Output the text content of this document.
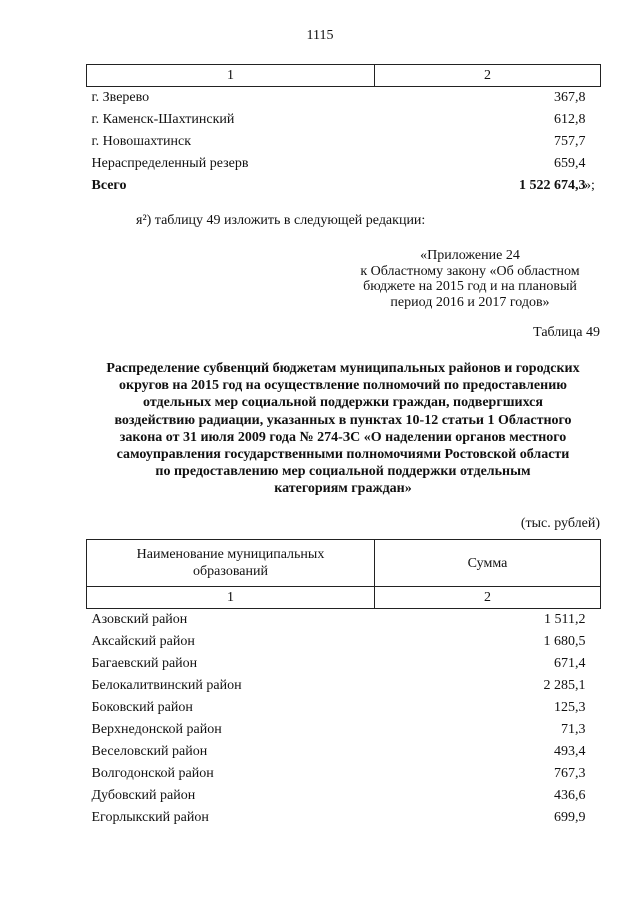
1115
1	2
г. Зверево	367,8
г. Каменск-Шахтинский	612,8
г. Новошахтинск	757,7
Нераспределенный резерв	659,4
Всего	1 522 674,3
»;
я²) таблицу 49 изложить в следующей редакции:
«Приложение 24
к Областному закону «Об областном
бюджете на 2015 год и на плановый
период 2016 и 2017 годов»
Таблица 49
Распределение субвенций бюджетам муниципальных районов и городских
округов на 2015 год на осуществление полномочий по предоставлению
отдельных мер социальной поддержки граждан, подвергшихся
воздействию радиации, указанных в пунктах 10-12 статьи 1 Областного
закона от 31 июля 2009 года № 274-ЗС «О наделении органов местного
самоуправления государственными полномочиями Ростовской области
по предоставлению мер социальной поддержки отдельным
категориям граждан»
(тыс. рублей)
Наименование муниципальных
образований	Сумма
1	2
Азовский район	1 511,2
Аксайский район	1 680,5
Багаевский район	671,4
Белокалитвинский район	2 285,1
Боковский район	125,3
Верхнедонской район	71,3
Веселовский район	493,4
Волгодонской район	767,3
Дубовский район	436,6
Егорлыкский район	699,9
